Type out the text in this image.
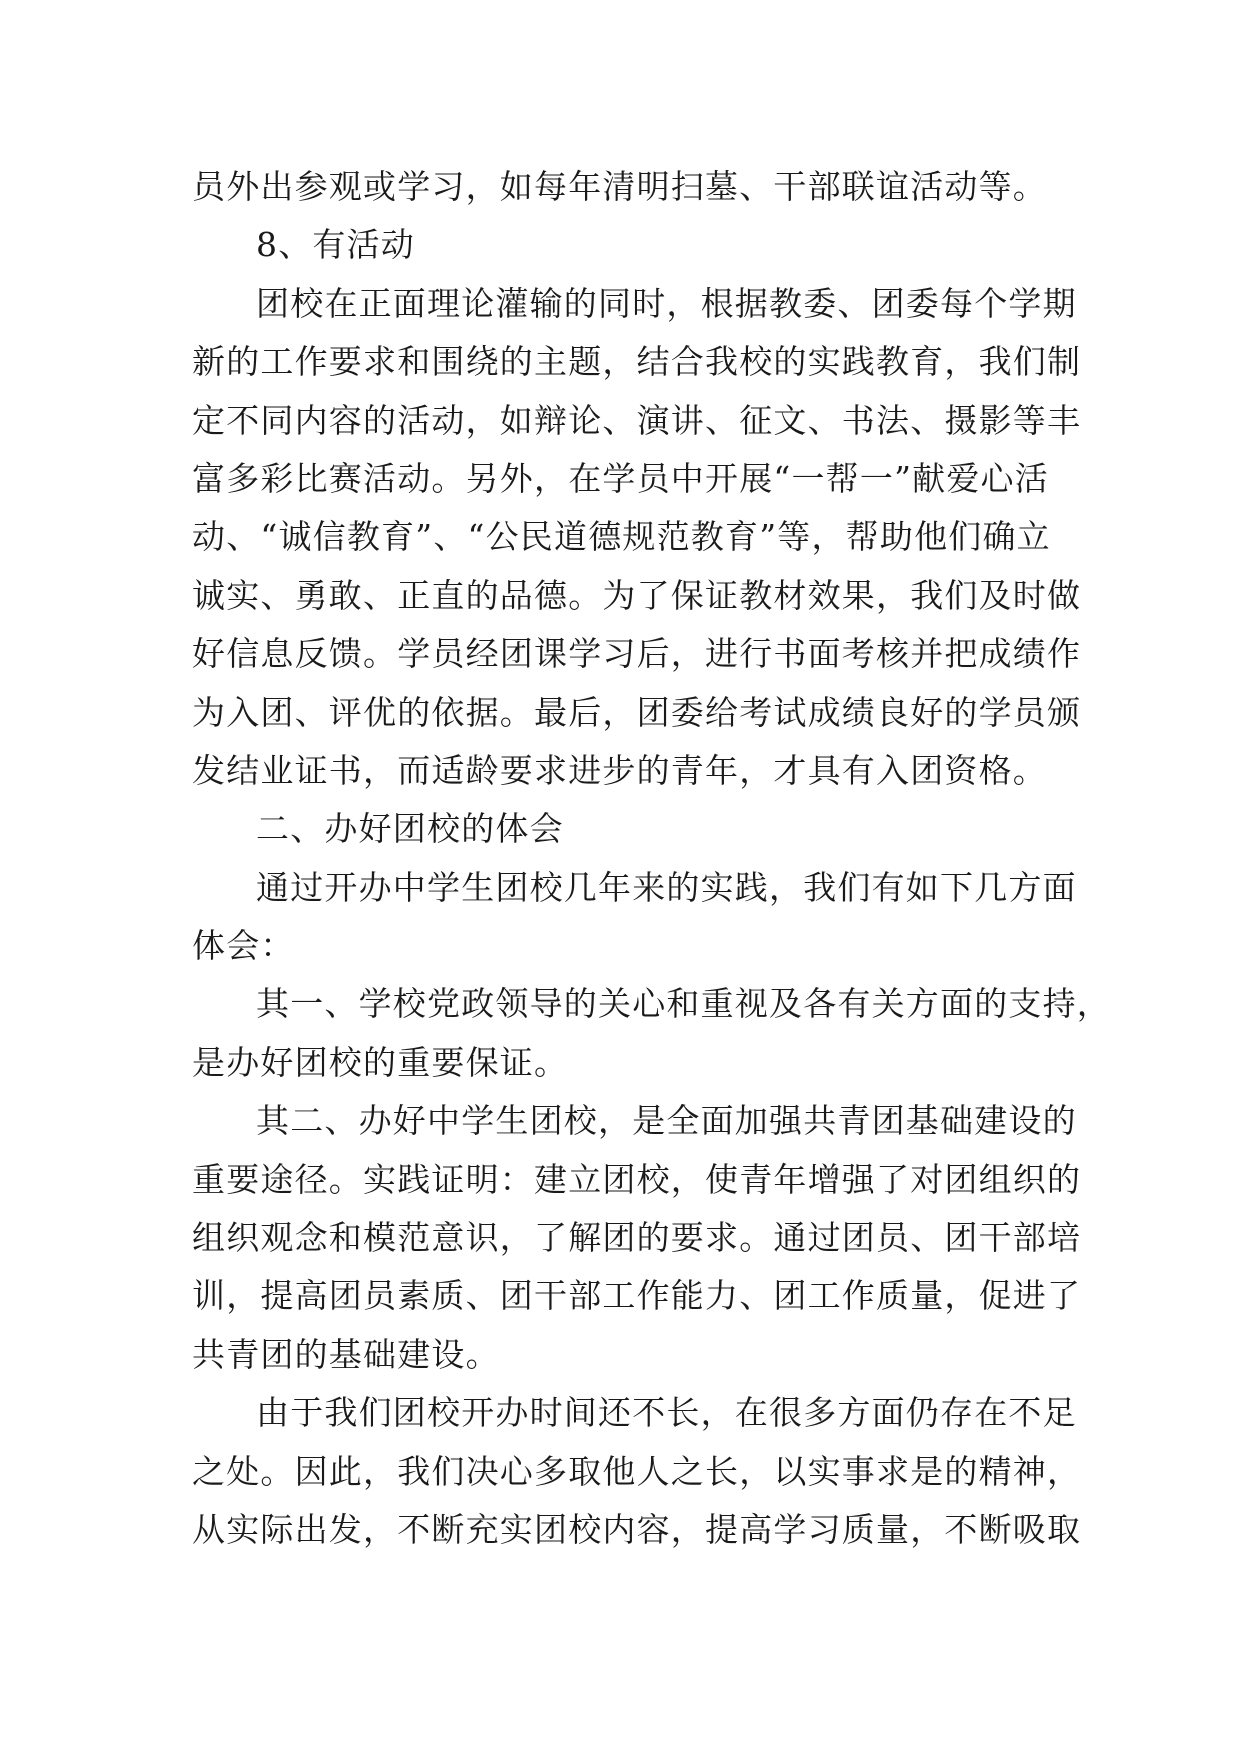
员外出参观或学习，如每年清明扫墓、干部联谊活动等。
8、有活动
团校在正面理论灌输的同时，根据教委、团委每个学期
新的工作要求和围绕的主题，结合我校的实践教育，我们制
定不同内容的活动，如辩论、演讲、征文、书法、摄影等丰
富多彩比赛活动。另外，在学员中开展“一帮一”献爱心活
动、“诚信教育”、“公民道德规范教育”等，帮助他们确立
诚实、勇敢、正直的品德。为了保证教材效果，我们及时做
好信息反馈。学员经团课学习后，进行书面考核并把成绩作
为入团、评优的依据。最后，团委给考试成绩良好的学员颁
发结业证书，而适龄要求进步的青年，才具有入团资格。
二、办好团校的体会
通过开办中学生团校几年来的实践，我们有如下几方面
体会：
其一、学校党政领导的关心和重视及各有关方面的支持，
是办好团校的重要保证。
其二、办好中学生团校，是全面加强共青团基础建设的
重要途径。实践证明：建立团校，使青年增强了对团组织的
组织观念和模范意识，了解团的要求。通过团员、团干部培
训，提高团员素质、团干部工作能力、团工作质量，促进了
共青团的基础建设。
由于我们团校开办时间还不长，在很多方面仍存在不足
之处。因此，我们决心多取他人之长，以实事求是的精神，
从实际出发，不断充实团校内容，提高学习质量，不断吸取
